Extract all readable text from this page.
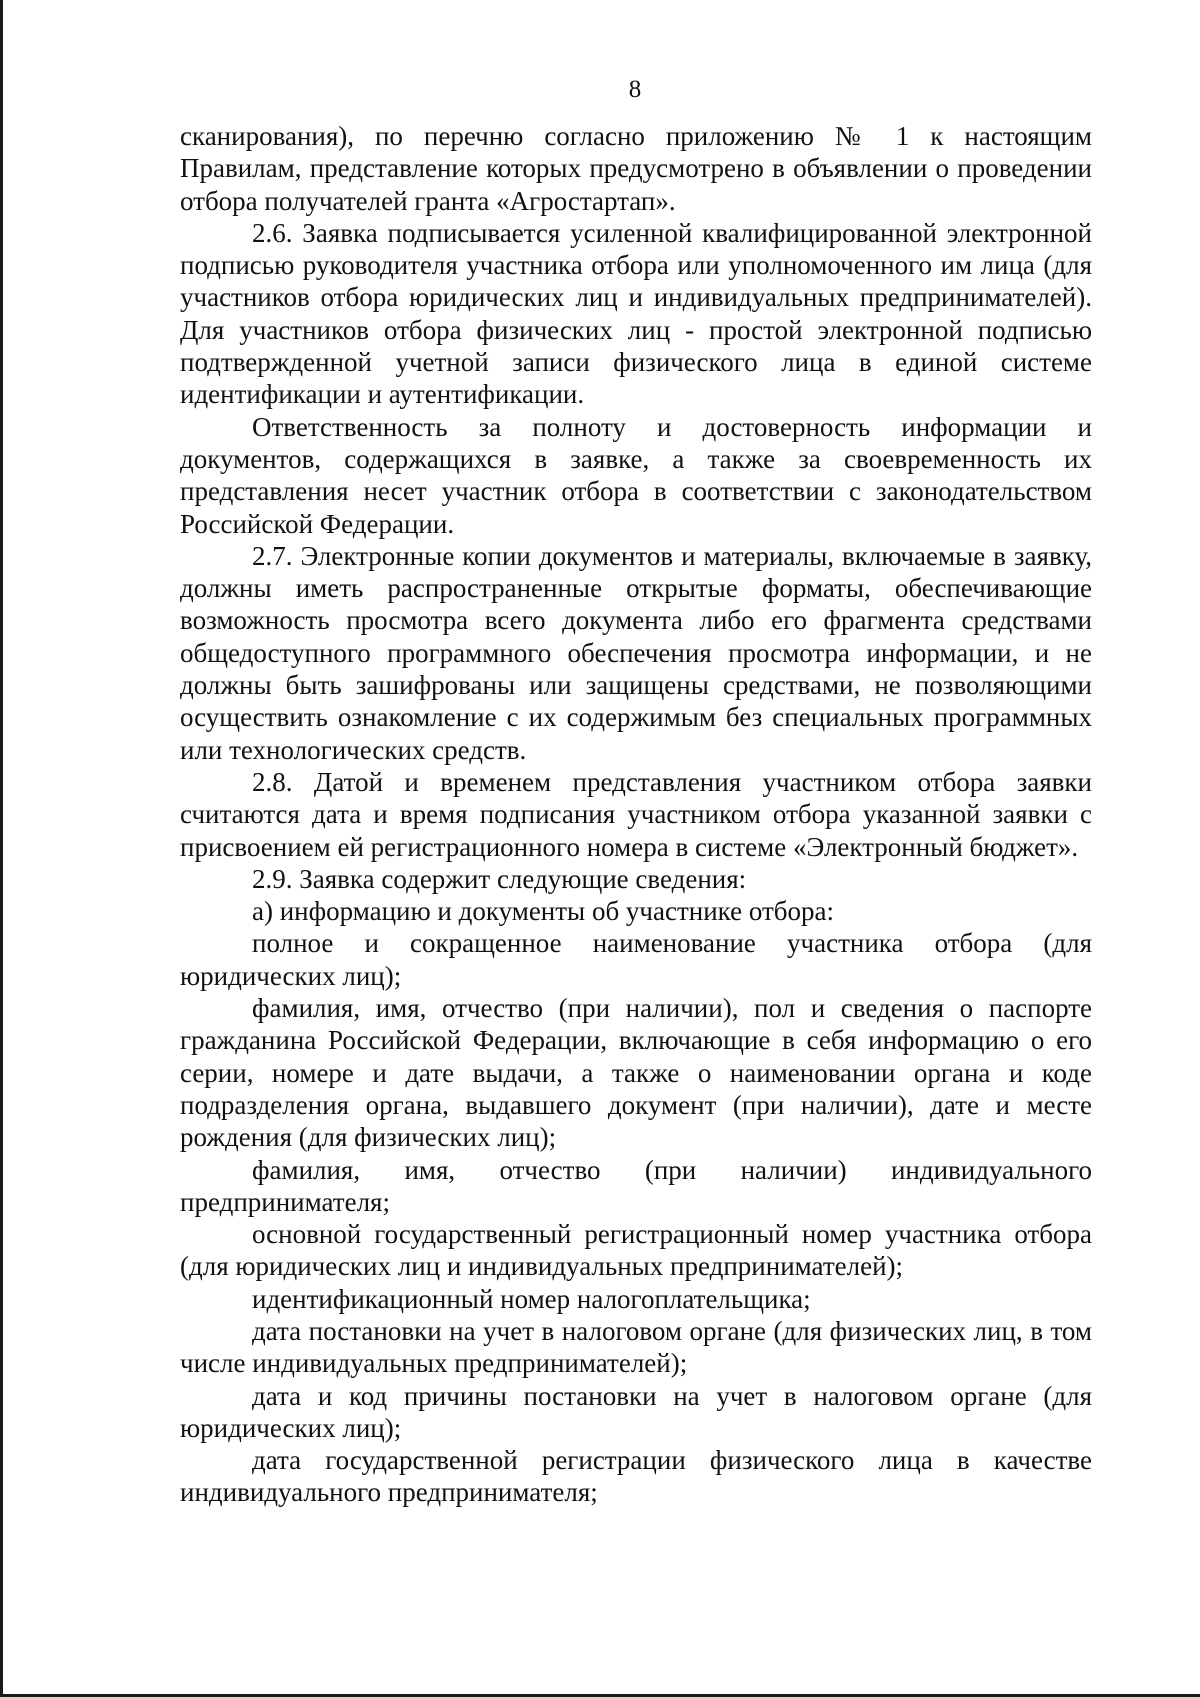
8

сканирования), по перечню согласно приложению № 1 к настоящим Правилам, представление которых предусмотрено в объявлении о проведении отбора получателей гранта «Агростартап».

2.6. Заявка подписывается усиленной квалифицированной электронной подписью руководителя участника отбора или уполномоченного им лица (для участников отбора юридических лиц и индивидуальных предпринимателей). Для участников отбора физических лиц - простой электронной подписью подтвержденной учетной записи физического лица в единой системе идентификации и аутентификации.

Ответственность за полноту и достоверность информации и документов, содержащихся в заявке, а также за своевременность их представления несет участник отбора в соответствии с законодательством Российской Федерации.

2.7. Электронные копии документов и материалы, включаемые в заявку, должны иметь распространенные открытые форматы, обеспечивающие возможность просмотра всего документа либо его фрагмента средствами общедоступного программного обеспечения просмотра информации, и не должны быть зашифрованы или защищены средствами, не позволяющими осуществить ознакомление с их содержимым без специальных программных или технологических средств.

2.8. Датой и временем представления участником отбора заявки считаются дата и время подписания участником отбора указанной заявки с присвоением ей регистрационного номера в системе «Электронный бюджет».

2.9. Заявка содержит следующие сведения:

а) информацию и документы об участнике отбора:

полное и сокращенное наименование участника отбора (для юридических лиц);

фамилия, имя, отчество (при наличии), пол и сведения о паспорте гражданина Российской Федерации, включающие в себя информацию о его серии, номере и дате выдачи, а также о наименовании органа и коде подразделения органа, выдавшего документ (при наличии), дате и месте рождения (для физических лиц);

фамилия, имя, отчество (при наличии) индивидуального предпринимателя;

основной государственный регистрационный номер участника отбора (для юридических лиц и индивидуальных предпринимателей);

идентификационный номер налогоплательщика;

дата постановки на учет в налоговом органе (для физических лиц, в том числе индивидуальных предпринимателей);

дата и код причины постановки на учет в налоговом органе (для юридических лиц);

дата государственной регистрации физического лица в качестве индивидуального предпринимателя;
